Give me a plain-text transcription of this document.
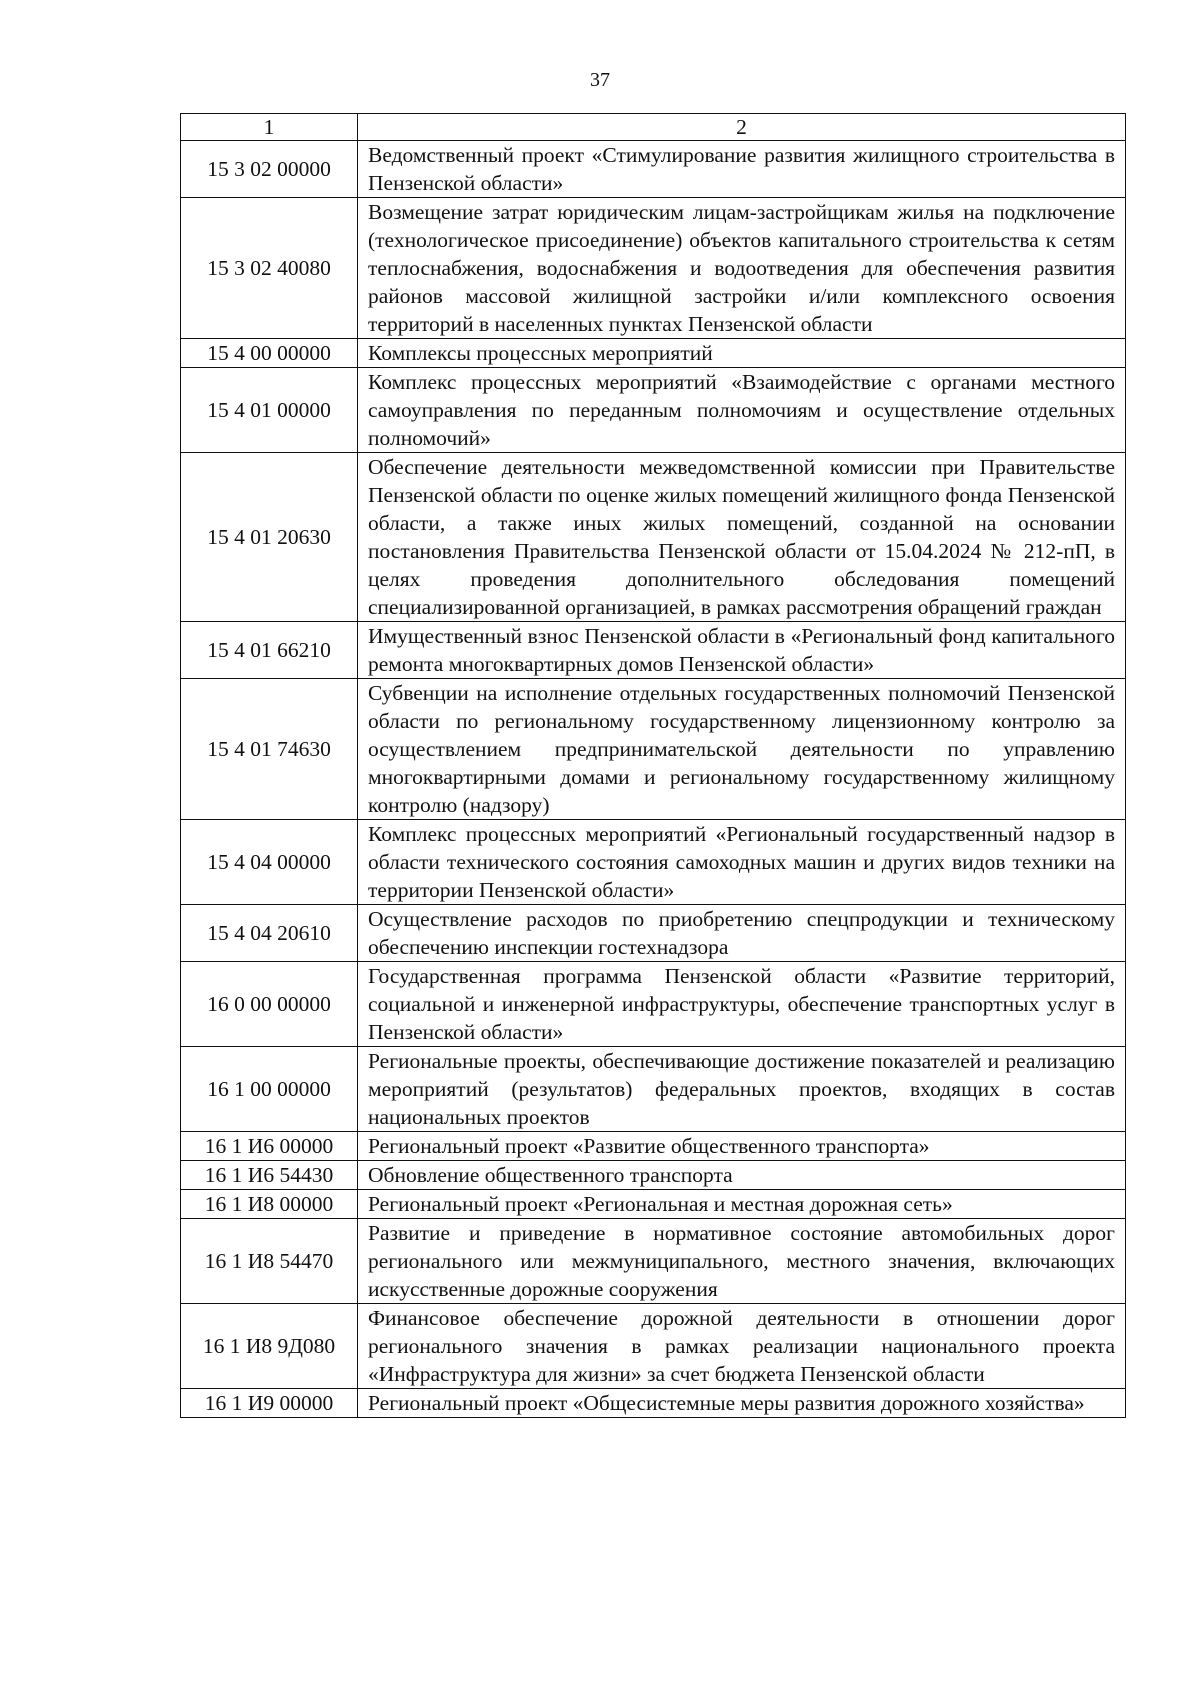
37
1	2
15 3 02 00000	Ведомственный проект «Стимулирование развития жилищного строительства в Пензенской области»
15 3 02 40080	Возмещение затрат юридическим лицам-застройщикам жилья на подключение (технологическое присоединение) объектов капитального строительства к сетям теплоснабжения, водоснабжения и водоотведения для обеспечения развития районов массовой жилищной застройки и/или комплексного освоения территорий в населенных пунктах Пензенской области
15 4 00 00000	Комплексы процессных мероприятий
15 4 01 00000	Комплекс процессных мероприятий «Взаимодействие с органами местного самоуправления по переданным полномочиям и осуществление отдельных полномочий»
15 4 01 20630	Обеспечение деятельности межведомственной комиссии при Правительстве Пензенской области по оценке жилых помещений жилищного фонда Пензенской области, а также иных жилых помещений, созданной на основании постановления Правительства Пензенской области от 15.04.2024 № 212-пП, в целях проведения дополнительного обследования помещений специализированной организацией, в рамках рассмотрения обращений граждан
15 4 01 66210	Имущественный взнос Пензенской области в «Региональный фонд капитального ремонта многоквартирных домов Пензенской области»
15 4 01 74630	Субвенции на исполнение отдельных государственных полномочий Пензенской области по региональному государственному лицензионному контролю за осуществлением предпринимательской деятельности по управлению многоквартирными домами и региональному государственному жилищному контролю (надзору)
15 4 04 00000	Комплекс процессных мероприятий «Региональный государственный надзор в области технического состояния самоходных машин и других видов техники на территории Пензенской области»
15 4 04 20610	Осуществление расходов по приобретению спецпродукции и техническому обеспечению инспекции гостехнадзора
16 0 00 00000	Государственная программа Пензенской области «Развитие территорий, социальной и инженерной инфраструктуры, обеспечение транспортных услуг в Пензенской области»
16 1 00 00000	Региональные проекты, обеспечивающие достижение показателей и реализацию мероприятий (результатов) федеральных проектов, входящих в состав национальных проектов
16 1 И6 00000	Региональный проект «Развитие общественного транспорта»
16 1 И6 54430	Обновление общественного транспорта
16 1 И8 00000	Региональный проект «Региональная и местная дорожная сеть»
16 1 И8 54470	Развитие и приведение в нормативное состояние автомобильных дорог регионального или межмуниципального, местного значения, включающих искусственные дорожные сооружения
16 1 И8 9Д080	Финансовое обеспечение дорожной деятельности в отношении дорог регионального значения в рамках реализации национального проекта «Инфраструктура для жизни» за счет бюджета Пензенской области
16 1 И9 00000	Региональный проект «Общесистемные меры развития дорожного хозяйства»
